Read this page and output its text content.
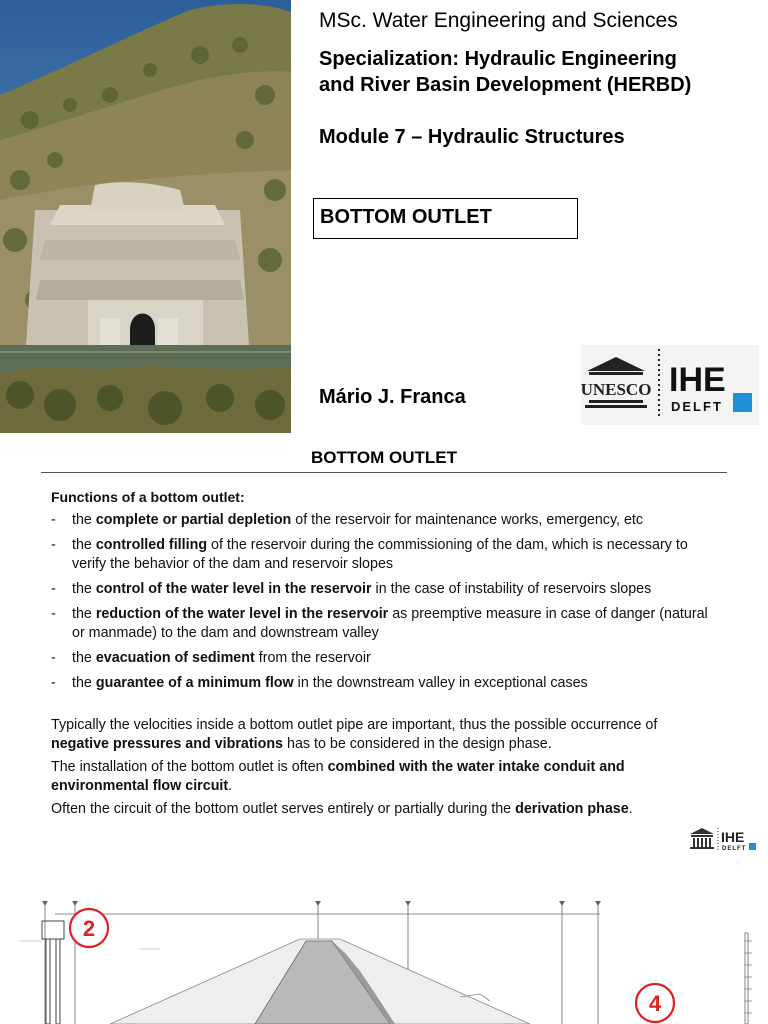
MSc. Water Engineering and Sciences
Specialization: Hydraulic Engineering
and River Basin Development (HERBD)
Module 7 – Hydraulic Structures
BOTTOM OUTLET
Mário J. Franca	UNESCO IHE
DELFT
BOTTOM OUTLET
Functions of a bottom outlet:
-	the complete or partial depletion of the reservoir for maintenance works, emergency, etc
-	the controlled filling of the reservoir during the commissioning of the dam, which is necessary to verify the behavior of the dam and reservoir slopes
-	the control of the water level in the reservoir in the case of instability of reservoirs slopes
-	the reduction of the water level in the reservoir as preemptive measure in case of danger (natural or manmade) to the dam and downstream valley
-	the evacuation of sediment from the reservoir
-	the guarantee of a minimum flow in the downstream valley in exceptional cases

Typically the velocities inside a bottom outlet pipe are important, thus the possible occurrence of negative pressures and vibrations has to be considered in the design phase.

The installation of the bottom outlet is often combined with the water intake conduit and environmental flow circuit.

Often the circuit of the bottom outlet serves entirely or partially during the derivation phase.

IHE
DELFT
2
4
